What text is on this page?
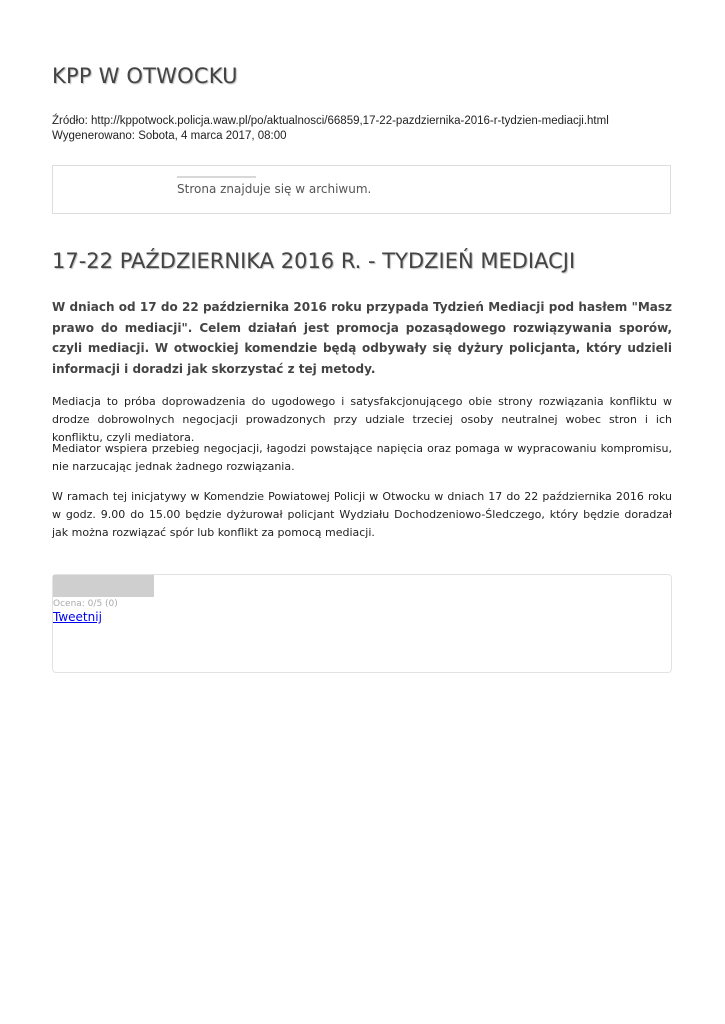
KPP W OTWOCKU
Źródło: http://kppotwock.policja.waw.pl/po/aktualnosci/66859,17-22-pazdziernika-2016-r-tydzien-mediacji.html
Wygenerowano: Sobota, 4 marca 2017, 08:00
Strona znajduje się w archiwum.
17-22 PAŹDZIERNIKA 2016 R. - TYDZIEŃ MEDIACJI

W dniach od 17 do 22 października 2016 roku przypada Tydzień Mediacji pod hasłem "Masz prawo do mediacji". Celem działań jest promocja pozasądowego rozwiązywania sporów, czyli mediacji. W otwockiej komendzie będą odbywały się dyżury policjanta, który udzieli informacji i doradzi jak skorzystać z tej metody.

Mediacja to próba doprowadzenia do ugodowego i satysfakcjonującego obie strony rozwiązania konfliktu w drodze dobrowolnych negocjacji prowadzonych przy udziale trzeciej osoby neutralnej wobec stron i ich konfliktu, czyli mediatora.

Mediator wspiera przebieg negocjacji, łagodzi powstające napięcia oraz pomaga w wypracowaniu kompromisu, nie narzucając jednak żadnego rozwiązania.

W ramach tej inicjatywy w Komendzie Powiatowej Policji w Otwocku w dniach 17 do 22 października 2016 roku w godz. 9.00 do 15.00 będzie dyżurował policjant Wydziału Dochodzeniowo-Śledczego, który będzie doradzał jak można rozwiązać spór lub konflikt za pomocą mediacji.

Ocena: 0/5 (0)
Tweetnij
